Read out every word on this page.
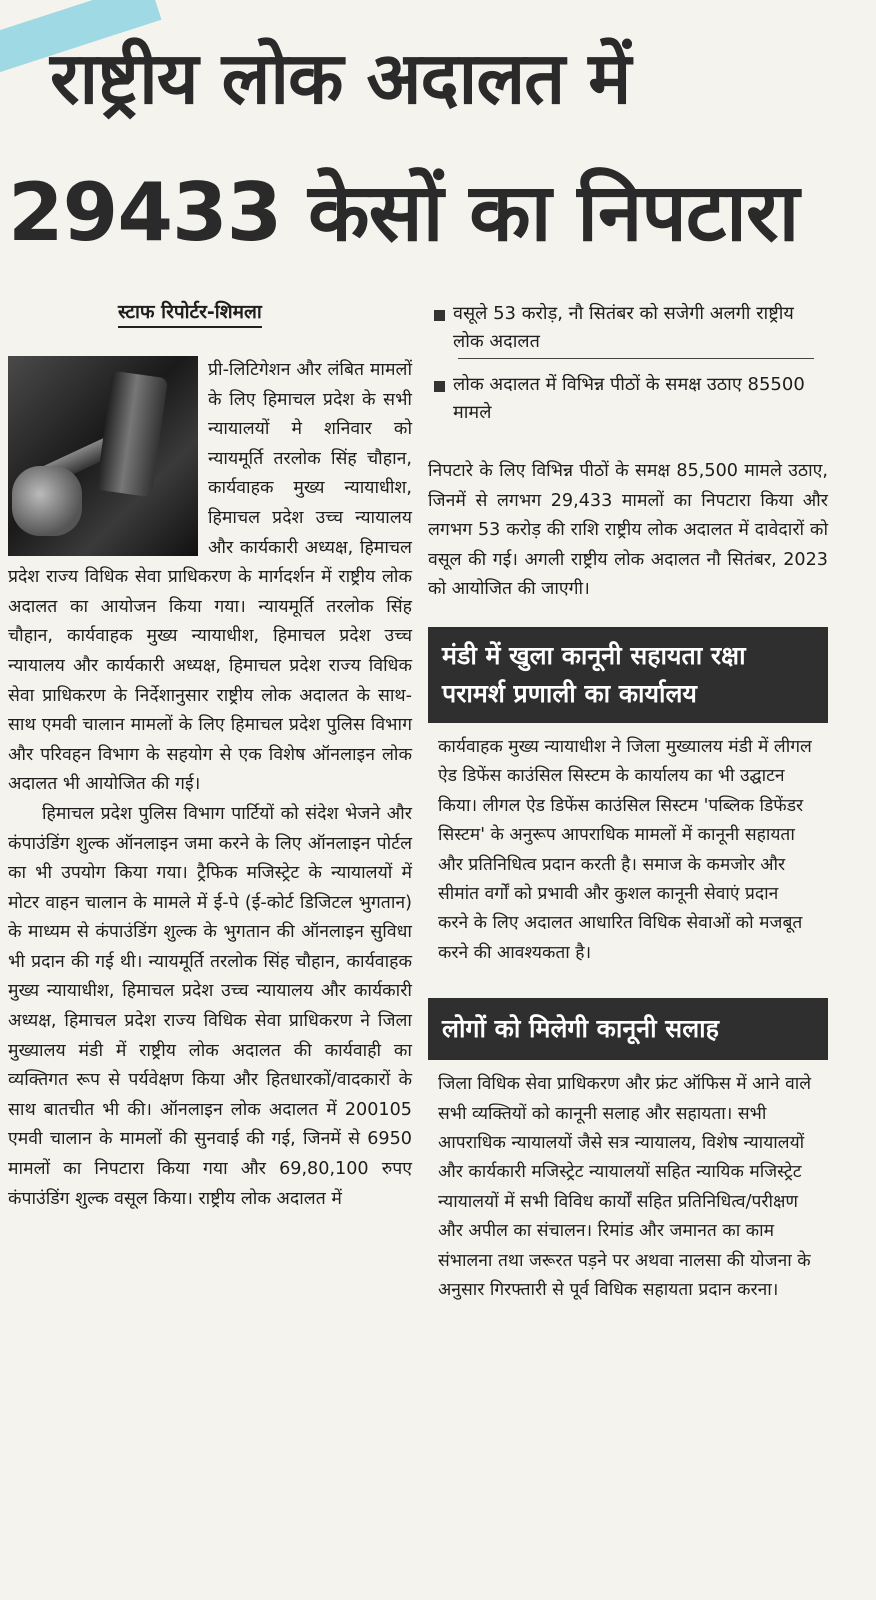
राष्ट्रीय लोक अदालत में
29433 केसों का निपटारा
स्टाफ रिपोर्टर-शिमला

प्री-लिटिगेशन और लंबित मामलों के लिए हिमाचल प्रदेश के सभी न्यायालयों मे शनिवार को न्यायमूर्ति तरलोक सिंह चौहान, कार्यवाहक मुख्य न्यायाधीश, हिमाचल प्रदेश उच्च न्यायालय और कार्यकारी अध्यक्ष, हिमाचल प्रदेश राज्य विधिक सेवा प्राधिकरण के मार्गदर्शन में राष्ट्रीय लोक अदालत का आयोजन किया गया। न्यायमूर्ति तरलोक सिंह चौहान, कार्यवाहक मुख्य न्यायाधीश, हिमाचल प्रदेश उच्च न्यायालय और कार्यकारी अध्यक्ष, हिमाचल प्रदेश राज्य विधिक सेवा प्राधिकरण के निर्देशानुसार राष्ट्रीय लोक अदालत के साथ-साथ एमवी चालान मामलों के लिए हिमाचल प्रदेश पुलिस विभाग और परिवहन विभाग के सहयोग से एक विशेष ऑनलाइन लोक अदालत भी आयोजित की गई।

हिमाचल प्रदेश पुलिस विभाग पार्टियों को संदेश भेजने और कंपाउंडिंग शुल्क ऑनलाइन जमा करने के लिए ऑनलाइन पोर्टल का भी उपयोग किया गया। ट्रैफिक मजिस्ट्रेट के न्यायालयों में मोटर वाहन चालान के मामले में ई-पे (ई-कोर्ट डिजिटल भुगतान) के माध्यम से कंपाउंडिंग शुल्क के भुगतान की ऑनलाइन सुविधा भी प्रदान की गई थी। न्यायमूर्ति तरलोक सिंह चौहान, कार्यवाहक मुख्य न्यायाधीश, हिमाचल प्रदेश उच्च न्यायालय और कार्यकारी अध्यक्ष, हिमाचल प्रदेश राज्य विधिक सेवा प्राधिकरण ने जिला मुख्यालय मंडी में राष्ट्रीय लोक अदालत की कार्यवाही का व्यक्तिगत रूप से पर्यवेक्षण किया और हितधारकों/वादकारों के साथ बातचीत भी की। ऑनलाइन लोक अदालत में 200105 एमवी चालान के मामलों की सुनवाई की गई, जिनमें से 6950 मामलों का निपटारा किया गया और 69,80,100 रुपए कंपाउंडिंग शुल्क वसूल किया। राष्ट्रीय लोक अदालत में

वसूले 53 करोड़, नौ सितंबर को सजेगी अलगी राष्ट्रीय लोक अदालत
लोक अदालत में विभिन्न पीठों के समक्ष उठाए 85500 मामले

निपटारे के लिए विभिन्न पीठों के समक्ष 85,500 मामले उठाए, जिनमें से लगभग 29,433 मामलों का निपटारा किया और लगभग 53 करोड़ की राशि राष्ट्रीय लोक अदालत में दावेदारों को वसूल की गई। अगली राष्ट्रीय लोक अदालत नौ सितंबर, 2023 को आयोजित की जाएगी।

मंडी में खुला कानूनी सहायता रक्षा परामर्श प्रणाली का कार्यालय

कार्यवाहक मुख्य न्यायाधीश ने जिला मुख्यालय मंडी में लीगल ऐड डिफेंस काउंसिल सिस्टम के कार्यालय का भी उद्घाटन किया। लीगल ऐड डिफेंस काउंसिल सिस्टम 'पब्लिक डिफेंडर सिस्टम' के अनुरूप आपराधिक मामलों में कानूनी सहायता और प्रतिनिधित्व प्रदान करती है। समाज के कमजोर और सीमांत वर्गों को प्रभावी और कुशल कानूनी सेवाएं प्रदान करने के लिए अदालत आधारित विधिक सेवाओं को मजबूत करने की आवश्यकता है।

लोगों को मिलेगी कानूनी सलाह

जिला विधिक सेवा प्राधिकरण और फ्रंट ऑफिस में आने वाले सभी व्यक्तियों को कानूनी सलाह और सहायता। सभी आपराधिक न्यायालयों जैसे सत्र न्यायालय, विशेष न्यायालयों और कार्यकारी मजिस्ट्रेट न्यायालयों सहित न्यायिक मजिस्ट्रेट न्यायालयों में सभी विविध कार्यों सहित प्रतिनिधित्व/परीक्षण और अपील का संचालन। रिमांड और जमानत का काम संभालना तथा जरूरत पड़ने पर अथवा नालसा की योजना के अनुसार गिरफ्तारी से पूर्व विधिक सहायता प्रदान करना।
